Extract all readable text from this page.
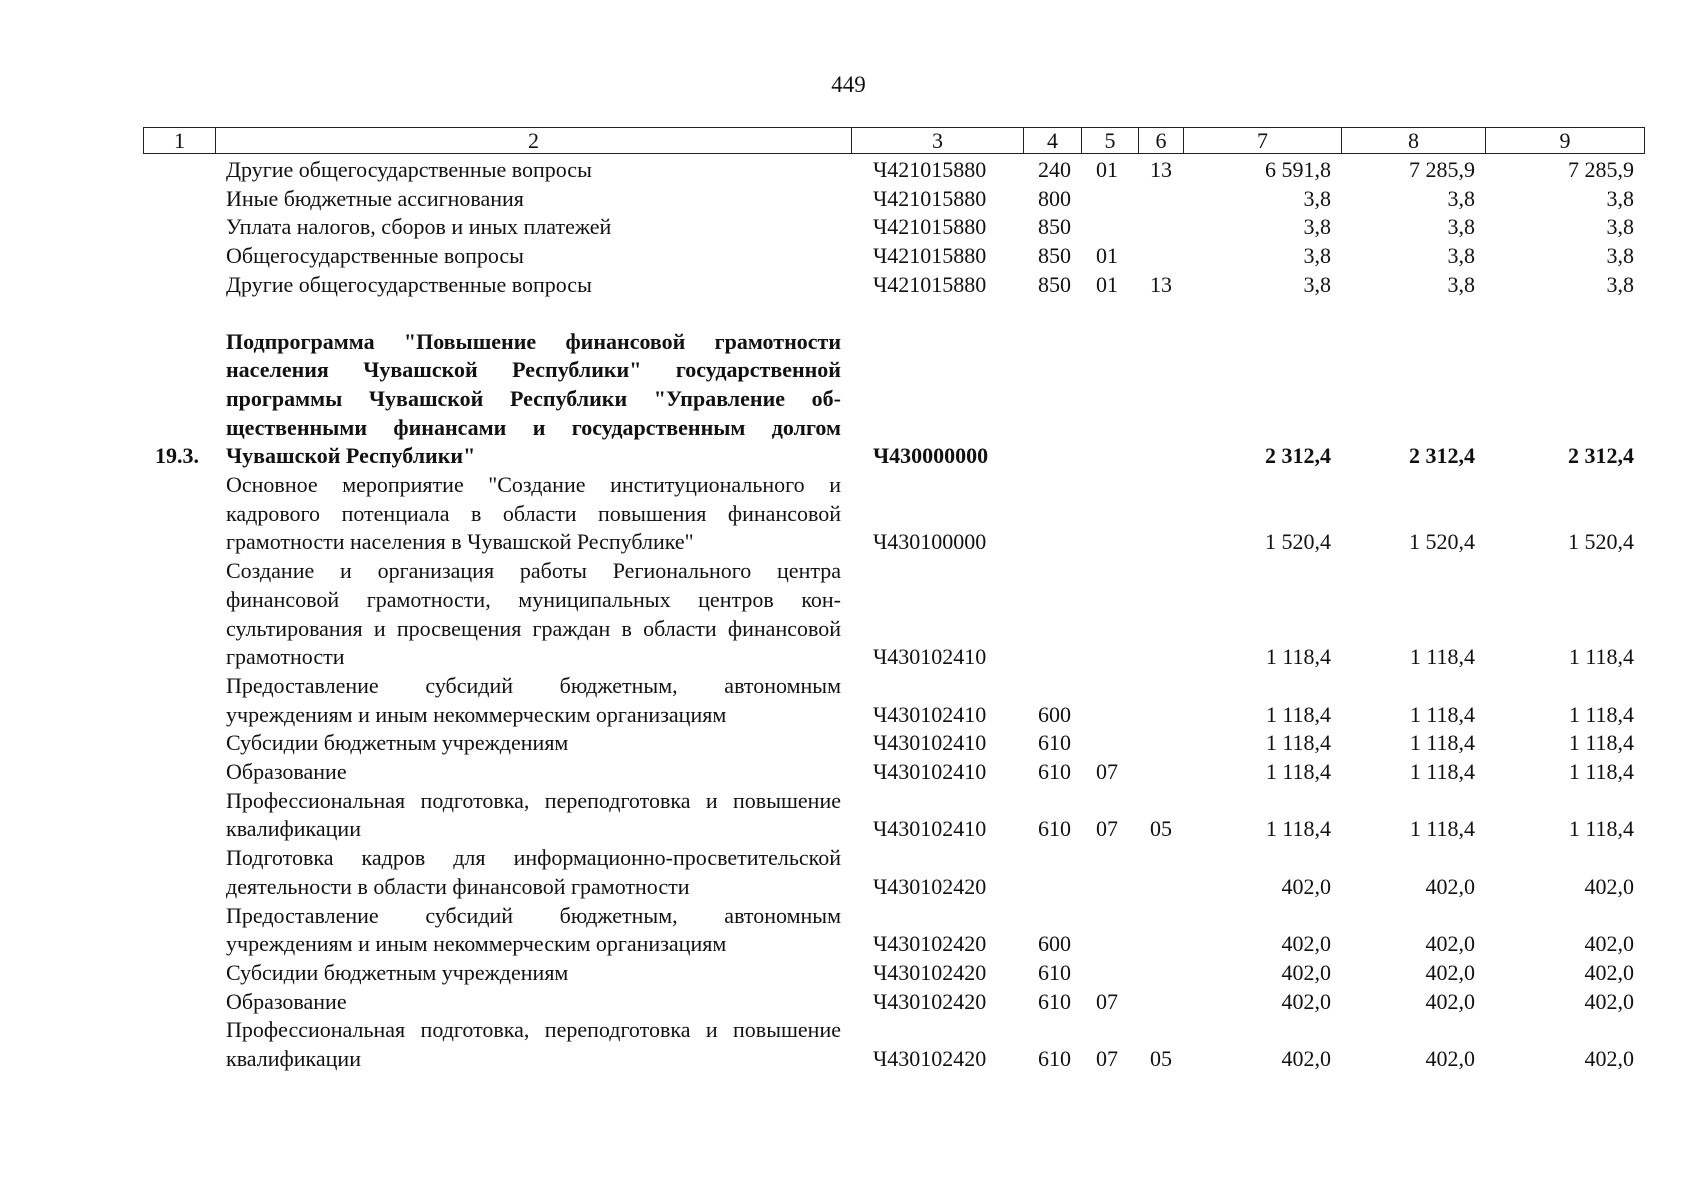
449
1	2	3	4	5	6	7	8	9
	Другие общегосударственные вопросы	Ч421015880	240	01	13	6 591,8	7 285,9	7 285,9
	Иные бюджетные ассигнования	Ч421015880	800			3,8	3,8	3,8
	Уплата налогов, сборов и иных платежей	Ч421015880	850			3,8	3,8	3,8
	Общегосударственные вопросы	Ч421015880	850	01		3,8	3,8	3,8
	Другие общегосударственные вопросы	Ч421015880	850	01	13	3,8	3,8	3,8

19.3.	Подпрограмма "Повышение финансовой грамотности населения Чувашской Республики" государственной программы Чувашской Республики "Управление общественными финансами и государственным долгом Чувашской Республики"	Ч430000000				2 312,4	2 312,4	2 312,4
	Основное мероприятие "Создание институционального и кадрового потенциала в области повышения финансовой грамотности населения в Чувашской Республике"	Ч430100000				1 520,4	1 520,4	1 520,4
	Создание и организация работы Регионального центра финансовой грамотности, муниципальных центров консультирования и просвещения граждан в области финансовой грамотности	Ч430102410				1 118,4	1 118,4	1 118,4
	Предоставление субсидий бюджетным, автономным учреждениям и иным некоммерческим организациям	Ч430102410	600			1 118,4	1 118,4	1 118,4
	Субсидии бюджетным учреждениям	Ч430102410	610			1 118,4	1 118,4	1 118,4
	Образование	Ч430102410	610	07		1 118,4	1 118,4	1 118,4
	Профессиональная подготовка, переподготовка и повышение квалификации	Ч430102410	610	07	05	1 118,4	1 118,4	1 118,4
	Подготовка кадров для информационно-просветительской деятельности в области финансовой грамотности	Ч430102420				402,0	402,0	402,0
	Предоставление субсидий бюджетным, автономным учреждениям и иным некоммерческим организациям	Ч430102420	600			402,0	402,0	402,0
	Субсидии бюджетным учреждениям	Ч430102420	610			402,0	402,0	402,0
	Образование	Ч430102420	610	07		402,0	402,0	402,0
	Профессиональная подготовка, переподготовка и повышение квалификации	Ч430102420	610	07	05	402,0	402,0	402,0
